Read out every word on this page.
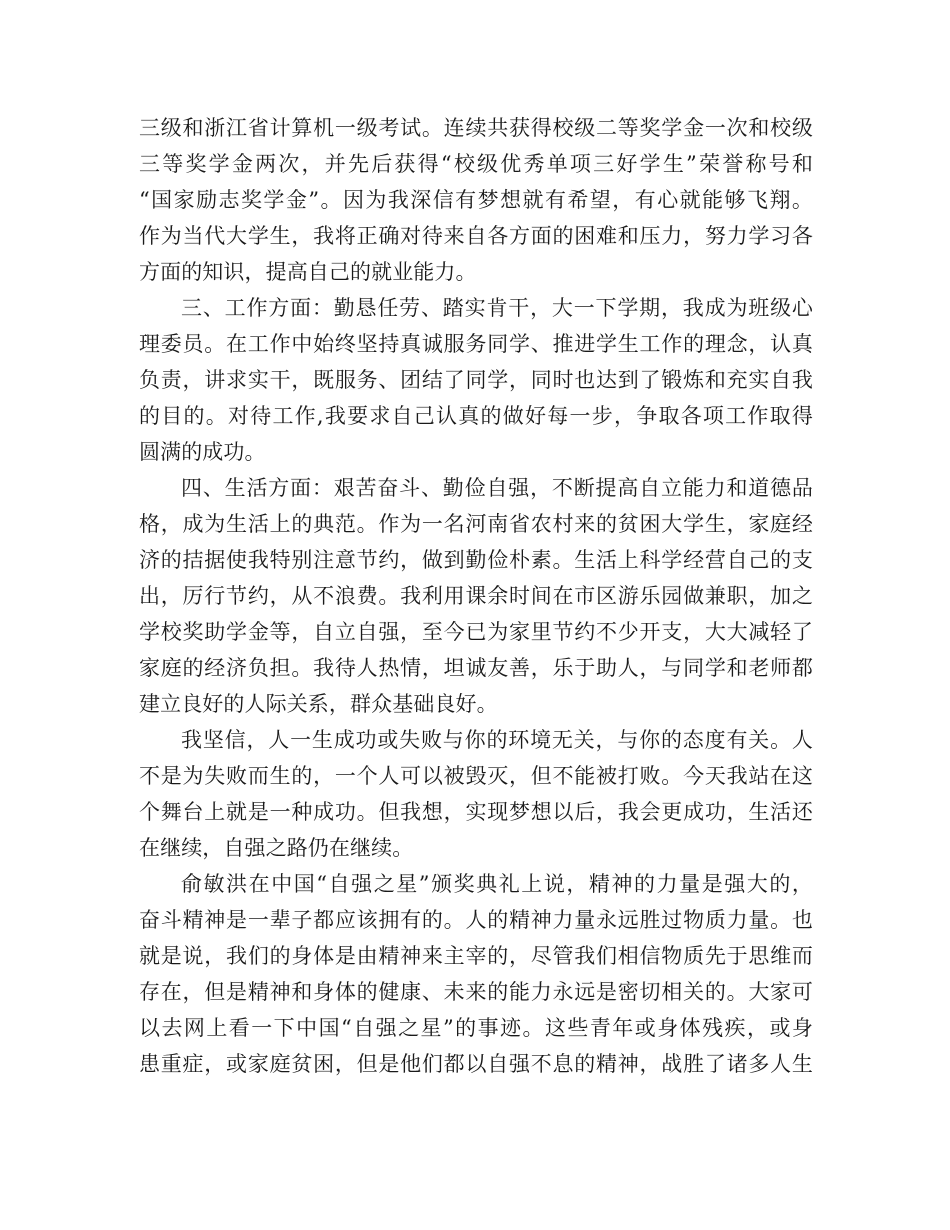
三级和浙江省计算机一级考试。连续共获得校级二等奖学金一次和校级
三等奖学金两次，并先后获得“校级优秀单项三好学生”荣誉称号和
“国家励志奖学金”。因为我深信有梦想就有希望，有心就能够飞翔。
作为当代大学生，我将正确对待来自各方面的困难和压力，努力学习各
方面的知识，提高自己的就业能力。
三、工作方面：勤恳任劳、踏实肯干，大一下学期，我成为班级心
理委员。在工作中始终坚持真诚服务同学、推进学生工作的理念，认真
负责，讲求实干，既服务、团结了同学，同时也达到了锻炼和充实自我
的目的。对待工作,我要求自己认真的做好每一步，争取各项工作取得
圆满的成功。
四、生活方面：艰苦奋斗、勤俭自强，不断提高自立能力和道德品
格，成为生活上的典范。作为一名河南省农村来的贫困大学生，家庭经
济的拮据使我特别注意节约，做到勤俭朴素。生活上科学经营自己的支
出，厉行节约，从不浪费。我利用课余时间在市区游乐园做兼职，加之
学校奖助学金等，自立自强，至今已为家里节约不少开支，大大减轻了
家庭的经济负担。我待人热情，坦诚友善，乐于助人，与同学和老师都
建立良好的人际关系，群众基础良好。
我坚信，人一生成功或失败与你的环境无关，与你的态度有关。人
不是为失败而生的，一个人可以被毁灭，但不能被打败。今天我站在这
个舞台上就是一种成功。但我想，实现梦想以后，我会更成功，生活还
在继续，自强之路仍在继续。
俞敏洪在中国“自强之星”颁奖典礼上说，精神的力量是强大的，
奋斗精神是一辈子都应该拥有的。人的精神力量永远胜过物质力量。也
就是说，我们的身体是由精神来主宰的，尽管我们相信物质先于思维而
存在，但是精神和身体的健康、未来的能力永远是密切相关的。大家可
以去网上看一下中国“自强之星”的事迹。这些青年或身体残疾，或身
患重症，或家庭贫困，但是他们都以自强不息的精神，战胜了诸多人生
